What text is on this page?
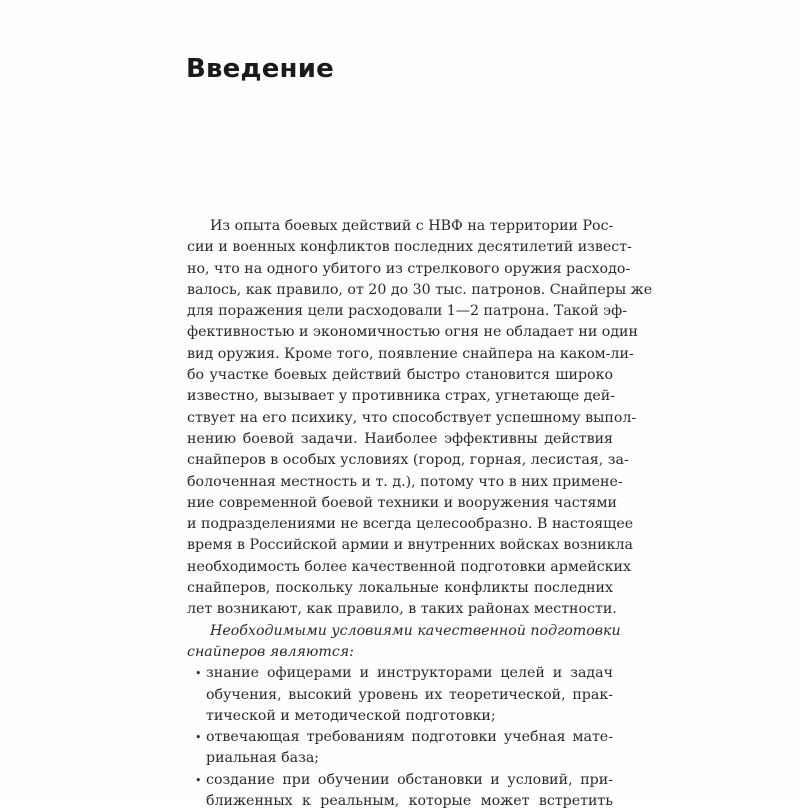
Введение
Из опыта боевых действий с НВФ на территории Рос-
сии и военных конфликтов последних десятилетий извест-
но, что на одного убитого из стрелкового оружия расходо-
валось, как правило, от 20 до 30 тыс. патронов. Снайперы же
для поражения цели расходовали 1—2 патрона. Такой эф-
фективностью и экономичностью огня не обладает ни один
вид оружия. Кроме того, появление снайпера на каком-ли-
бо участке боевых действий быстро становится широко
известно, вызывает у противника страх, угнетающе дей-
ствует на его психику, что способствует успешному выпол-
нению боевой задачи. Наиболее эффективны действия
снайперов в особых условиях (город, горная, лесистая, за-
болоченная местность и т. д.), потому что в них примене-
ние современной боевой техники и вооружения частями
и подразделениями не всегда целесообразно. В настоящее
время в Российской армии и внутренних войсках возникла
необходимость более качественной подготовки армейских
снайперов, поскольку локальные конфликты последних
лет возникают, как правило, в таких районах местности.
Необходимыми условиями качественной подготовки
снайперов являются:
• знание офицерами и инструкторами целей и задач
обучения, высокий уровень их теоретической, прак-
тической и методической подготовки;
• отвечающая требованиям подготовки учебная мате-
риальная база;
• создание при обучении обстановки и условий, при-
ближенных к реальным, которые может встретить
